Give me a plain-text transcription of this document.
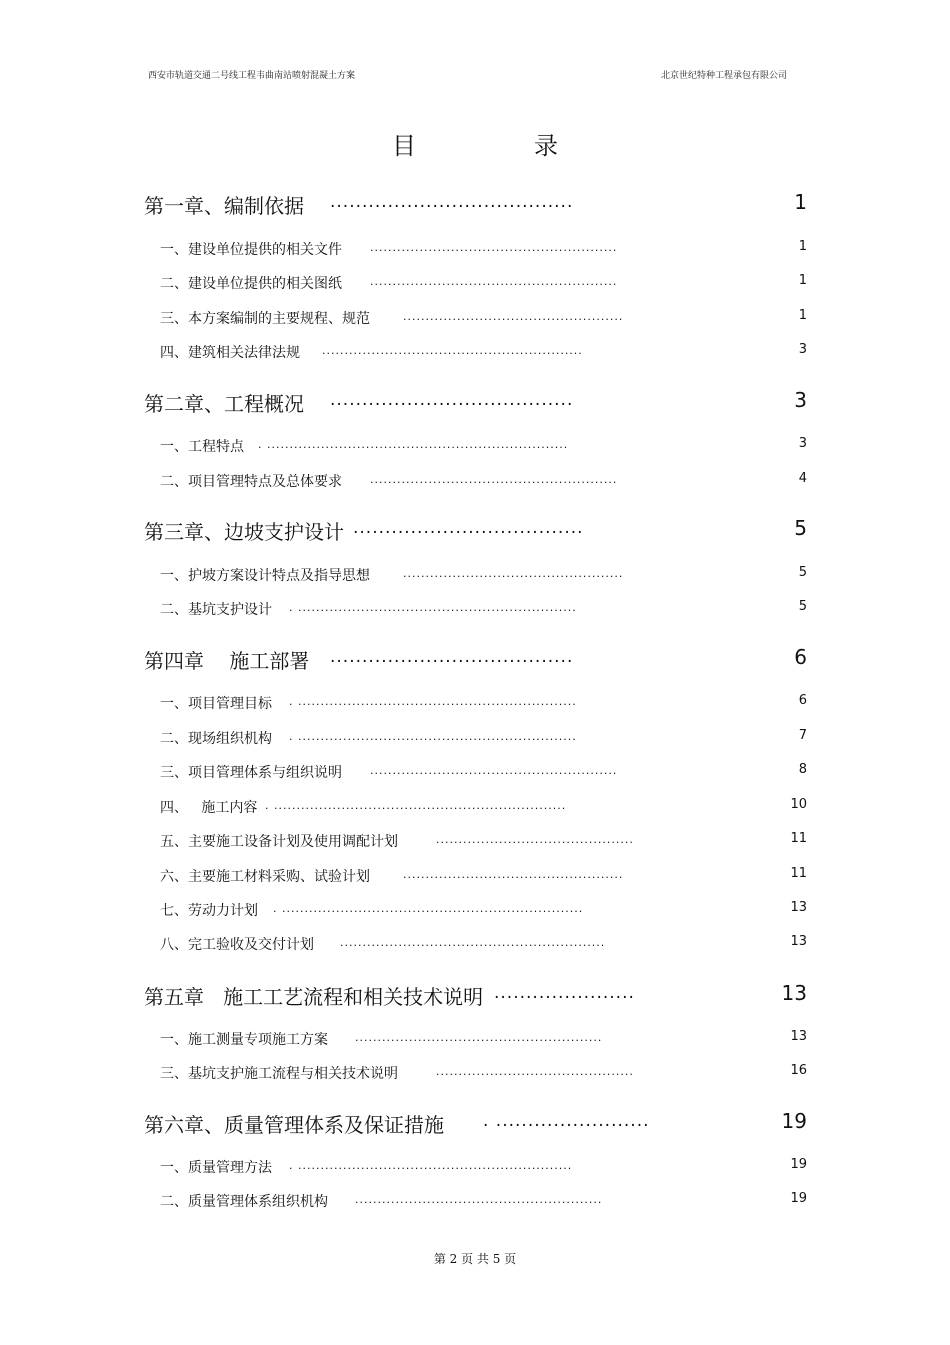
西安市轨道交通二号线工程韦曲南站喷射混凝土方案	北京世纪特种工程承包有限公司
目	录
第一章、编制依据 ......................................	1
一、建设单位提供的相关文件	.......................................................	1
二、建设单位提供的相关图纸	.......................................................	1
三、本方案编制的主要规程、规范	.................................................	1
四、建筑相关法律法规 ..........................................................	3
第二章、工程概况 ......................................	3
一、工程特点 . ...................................................................	3
二、项目管理特点及总体要求	.......................................................	4
第三章、边坡支护设计 ....................................	5
一、护坡方案设计特点及指导思想	.................................................	5
二、基坑支护设计 . ..............................................................	5
第四章    施工部署 ......................................	6
一、项目管理目标 . ..............................................................	6
二、现场组织机构 . ..............................................................	7
三、项目管理体系与组织说明	.......................................................	8
四、   施工内容 . .................................................................	10
五、主要施工设备计划及使用调配计划	............................................	11
六、主要施工材料采购、试验计划	.................................................	11
七、劳动力计划 . ...................................................................	13
八、完工验收及交付计划 ...........................................................	13
第五章   施工工艺流程和相关技术说明 ......................	13
一、施工测量专项施工方案 .......................................................	13
三、基坑支护施工流程与相关技术说明	............................................	16
第六章、质量管理体系及保证措施 . ........................	19
一、质量管理方法 . .............................................................	19
二、质量管理体系组织机构 .......................................................	19
第 2 页 共 5 页
